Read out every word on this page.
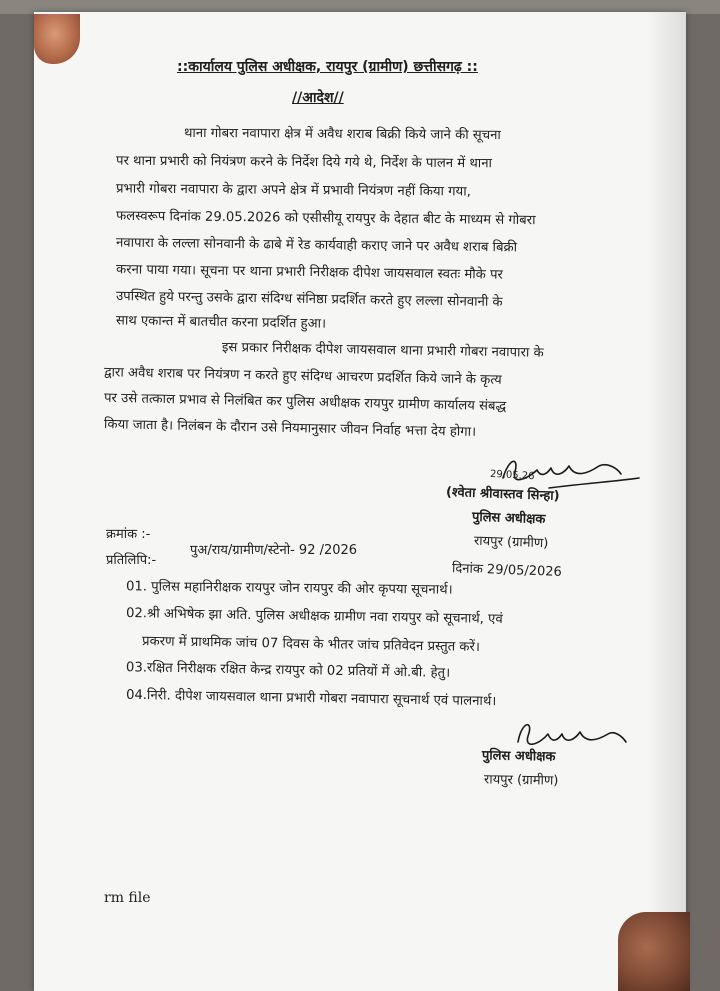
::कार्यालय पुलिस अधीक्षक, रायपुर (ग्रामीण) छत्तीसगढ़ ::
//आदेश//
थाना गोबरा नवापारा क्षेत्र में अवैध शराब बिक्री किये जाने की सूचना
पर थाना प्रभारी को नियंत्रण करने के निर्देश दिये गये थे, निर्देश के पालन में थाना
प्रभारी गोबरा नवापारा के द्वारा अपने क्षेत्र में प्रभावी नियंत्रण नहीं किया गया,
फलस्वरूप दिनांक 29.05.2026 को एसीसीयू रायपुर के देहात बीट के माध्यम से गोबरा
नवापारा के लल्ला सोनवानी के ढाबे में रेड कार्यवाही कराए जाने पर अवैध शराब बिक्री
करना पाया गया। सूचना पर थाना प्रभारी निरीक्षक दीपेश जायसवाल स्वतः मौके पर
उपस्थित हुये परन्तु उसके द्वारा संदिग्ध संनिष्ठा प्रदर्शित करते हुए लल्ला सोनवानी के
साथ एकान्त में बातचीत करना प्रदर्शित हुआ।
इस प्रकार निरीक्षक दीपेश जायसवाल थाना प्रभारी गोबरा नवापारा के
द्वारा अवैध शराब पर नियंत्रण न करते हुए संदिग्ध आचरण प्रदर्शित किये जाने के कृत्य
पर उसे तत्काल प्रभाव से निलंबित कर पुलिस अधीक्षक रायपुर ग्रामीण कार्यालय संबद्ध
किया जाता है। निलंबन के दौरान उसे नियमानुसार जीवन निर्वाह भत्ता देय होगा।
29.05.26
(श्वेता श्रीवास्तव सिन्हा)
पुलिस अधीक्षक
रायपुर (ग्रामीण)
क्रमांक :-
पुअ/राय/ग्रामीण/स्टेनो- 92 /2026
प्रतिलिपि:-
दिनांक 29/05/2026
01. पुलिस महानिरीक्षक रायपुर जोन रायपुर की ओर कृपया सूचनार्थ।
02.श्री अभिषेक झा अति. पुलिस अधीक्षक ग्रामीण नवा रायपुर को सूचनार्थ, एवं
प्रकरण में प्राथमिक जांच 07 दिवस के भीतर जांच प्रतिवेदन प्रस्तुत करें।
03.रक्षित निरीक्षक रक्षित केन्द्र रायपुर को 02 प्रतियों में ओ.बी. हेतु।
04.निरी. दीपेश जायसवाल थाना प्रभारी गोबरा नवापारा सूचनार्थ एवं पालनार्थ।
पुलिस अधीक्षक
रायपुर (ग्रामीण)
rm file
